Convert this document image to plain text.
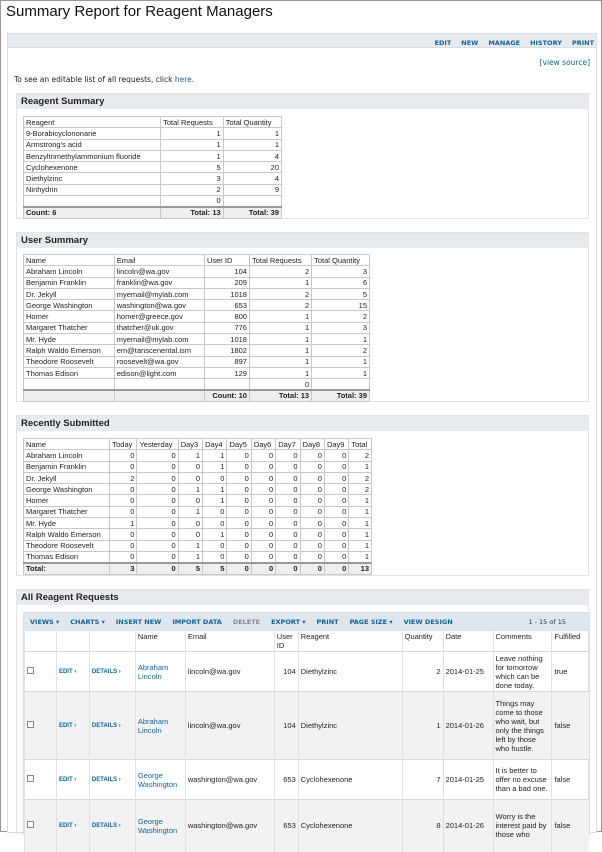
Summary Report for Reagent Managers
EDIT NEW MANAGE HISTORY PRINT
[view source]
To see an editable list of all requests, click here.
Reagent Summary
Reagent	Total Requests	Total Quantity
9-Borabicyclononane	1	1
Armstrong's acid	1	1
Benzyltrimethylammonium fluoride	1	4
Cyclohexenone	5	20
Diethylzinc	3	4
Ninhydrin	2	9
	0	
Count: 6	Total: 13	Total: 39
User Summary
Name	Email	User ID	Total Requests	Total Quantity
Abraham Lincoln	lincoln@wa.gov	104	2	3
Benjamin Franklin	franklin@wa.gov	209	1	6
Dr. Jekyll	myemail@mylab.com	1018	2	5
George Washington	washington@wa.gov	653	2	15
Homer	homer@greece.gov	800	1	2
Margaret Thatcher	thatcher@uk.gov	776	1	3
Mr. Hyde	myemail@mylab.com	1018	1	1
Ralph Waldo Emerson	em@tanscenental.ism	1802	1	2
Theodore Roosevelt	roosevelt@wa.gov	897	1	1
Thomas Edison	edison@light.com	129	1	1
			0	
		Count: 10	Total: 13	Total: 39
Recently Submitted
Name	Today	Yesterday	Day3	Day4	Day5	Day6	Day7	Day8	Day9	Total
Abraham Lincoln	0	0	1	1	0	0	0	0	0	2
Benjamin Franklin	0	0	0	1	0	0	0	0	0	1
Dr. Jekyll	2	0	0	0	0	0	0	0	0	2
George Washington	0	0	1	1	0	0	0	0	0	2
Homer	0	0	0	1	0	0	0	0	0	1
Margaret Thatcher	0	0	1	0	0	0	0	0	0	1
Mr. Hyde	1	0	0	0	0	0	0	0	0	1
Ralph Waldo Emerson	0	0	0	1	0	0	0	0	0	1
Theodore Roosevelt	0	0	1	0	0	0	0	0	0	1
Thomas Edison	0	0	1	0	0	0	0	0	0	1
Total:	3	0	5	5	0	0	0	0	0	13
All Reagent Requests
VIEWS ▾ CHARTS ▾ INSERT NEW IMPORT DATA DELETE EXPORT ▾ PRINT PAGE SIZE ▾ VIEW DESIGN	1 - 15 of 15
			Name	Email	User ID	Reagent	Quantity	Date	Comments	Fulfilled
	EDIT ›	DETAILS ›	Abraham Lincoln	lincoln@wa.gov	104	Diethylzinc	2	2014-01-25	Leave nothing for tomorrow which can be done today.	true
	EDIT ›	DETAILS ›	Abraham Lincoln	lincoln@wa.gov	104	Diethylzinc	1	2014-01-26	Things may come to those who wait, but only the things left by those who hustle.	false
	EDIT ›	DETAILS ›	George Washington	washington@wa.gov	653	Cyclohexenone	7	2014-01-25	It is better to offer no excuse than a bad one.	false
	EDIT ›	DETAILS ›	George Washington	washington@wa.gov	653	Cyclohexenone	8	2014-01-26	Worry is the interest paid by those who	false
